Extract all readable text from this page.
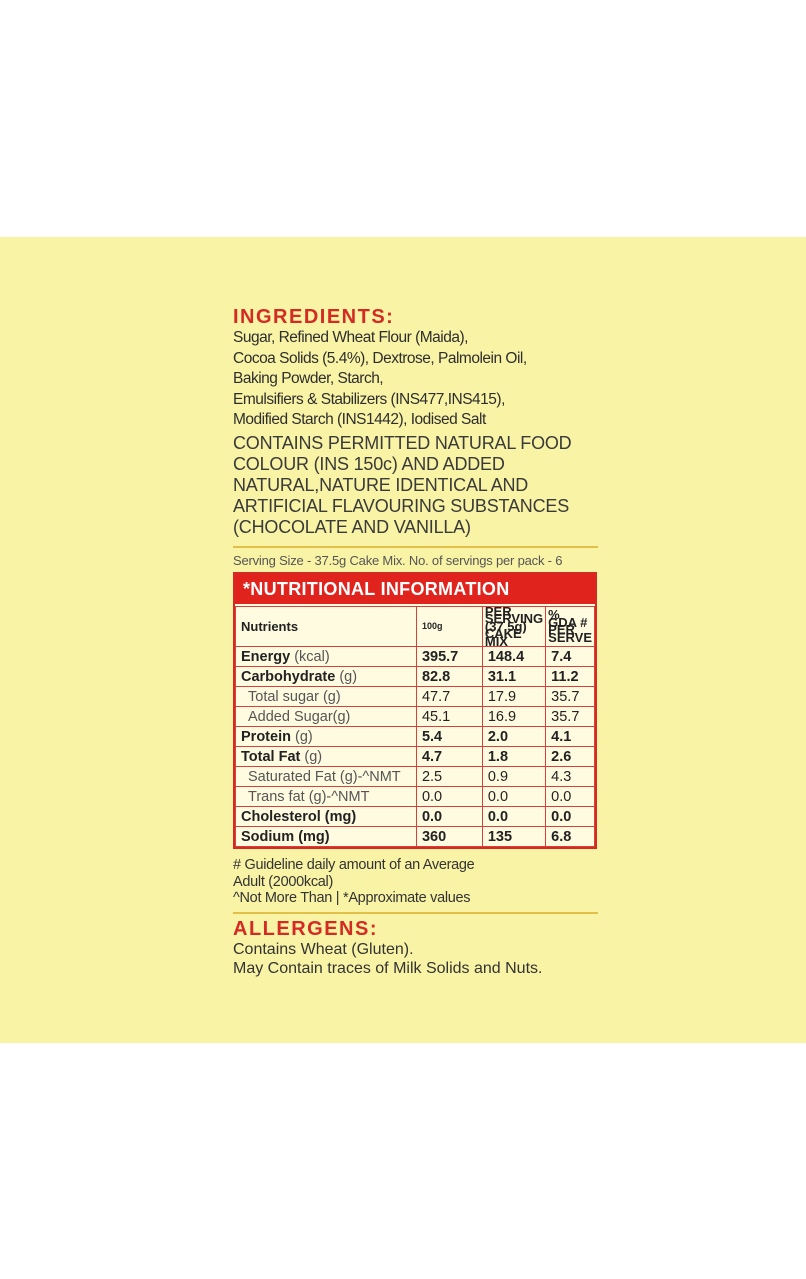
INGREDIENTS:
Sugar, Refined Wheat Flour (Maida),
Cocoa Solids (5.4%), Dextrose, Palmolein Oil,
Baking Powder, Starch,
Emulsifiers & Stabilizers (INS477,INS415),
Modified Starch (INS1442), Iodised Salt
CONTAINS PERMITTED NATURAL FOOD
COLOUR (INS 150c) AND ADDED
NATURAL,NATURE IDENTICAL AND
ARTIFICIAL FLAVOURING SUBSTANCES
(CHOCOLATE AND VANILLA)
Serving Size - 37.5g Cake Mix. No. of servings per pack - 6
*NUTRITIONAL INFORMATION
Nutrients	100g	PER SERVING (37.5g) CAKE MIX	% GDA # PER SERVE
Energy (kcal)	395.7	148.4	7.4
Carbohydrate (g)	82.8	31.1	11.2
Total sugar (g)	47.7	17.9	35.7
Added Sugar(g)	45.1	16.9	35.7
Protein (g)	5.4	2.0	4.1
Total Fat (g)	4.7	1.8	2.6
Saturated Fat (g)-^NMT	2.5	0.9	4.3
Trans fat (g)-^NMT	0.0	0.0	0.0
Cholesterol (mg)	0.0	0.0	0.0
Sodium (mg)	360	135	6.8
# Guideline daily amount of an Average
Adult (2000kcal)
^Not More Than | *Approximate values
ALLERGENS:
Contains Wheat (Gluten).
May Contain traces of Milk Solids and Nuts.
